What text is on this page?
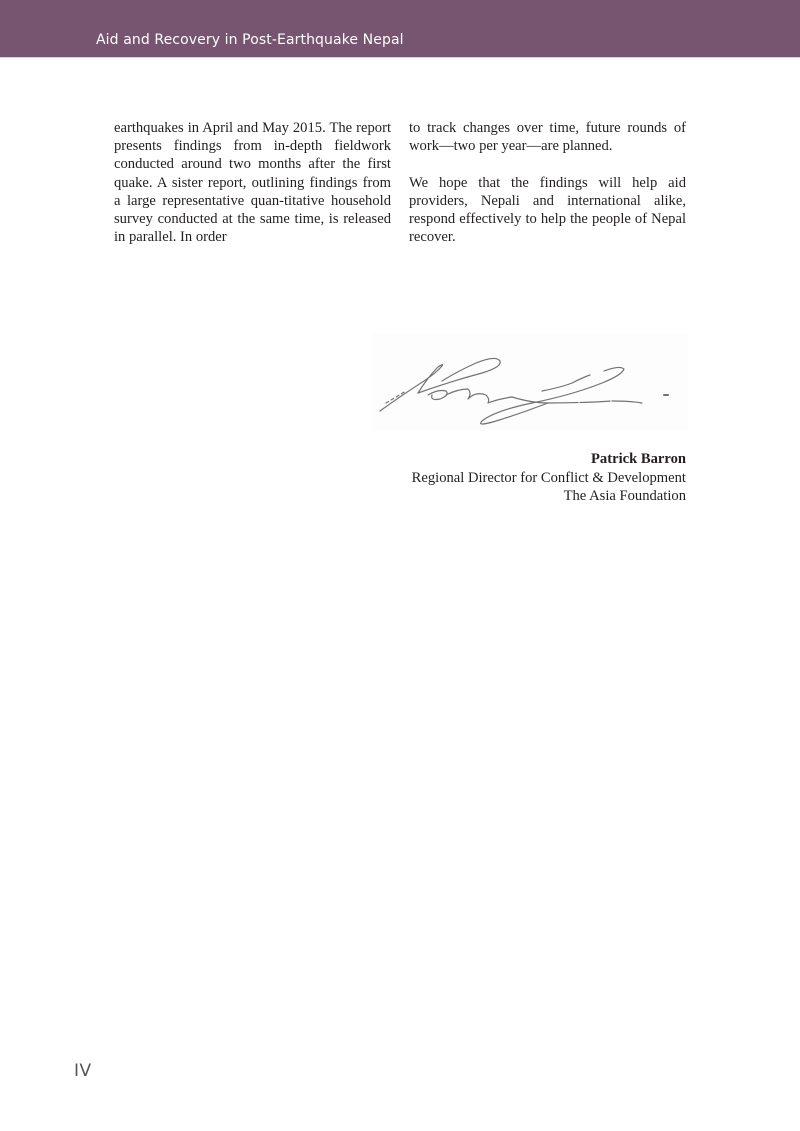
Aid and Recovery in Post-Earthquake Nepal

earthquakes in April and May 2015. The report presents findings from in-depth fieldwork conducted around two months after the first quake. A sister report, outlining findings from a large representative quan-titative household survey conducted at the same time, is released in parallel. In order

to track changes over time, future rounds of work—two per year—are planned.

We hope that the findings will help aid providers, Nepali and international alike, respond effectively to help the people of Nepal recover.

Patrick Barron
Regional Director for Conflict & Development
The Asia Foundation
IV
